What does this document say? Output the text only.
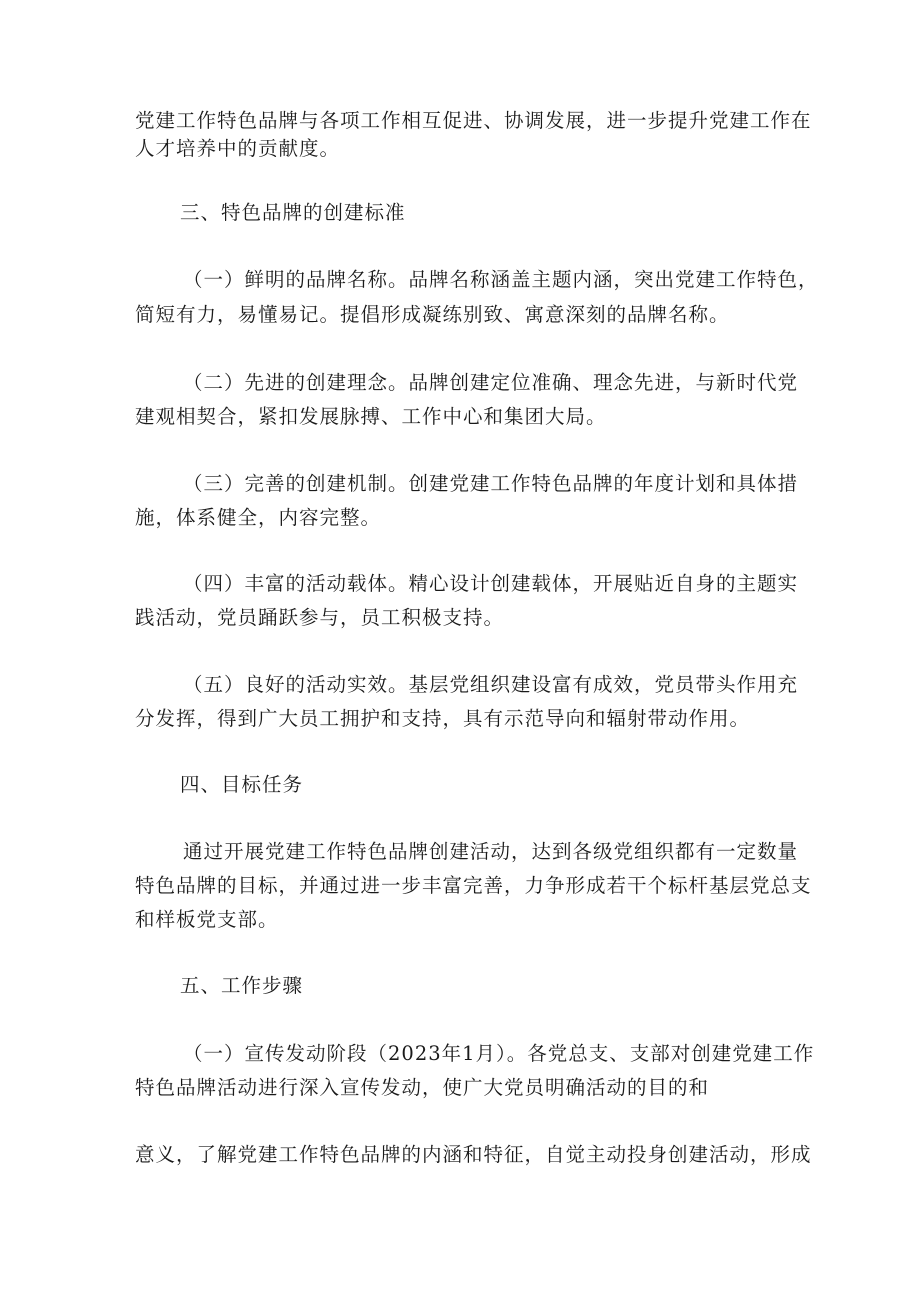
党建工作特色品牌与各项工作相互促进、协调发展，进一步提升党建工作在
人才培养中的贡献度。
三、特色品牌的创建标准
（一）鲜明的品牌名称。品牌名称涵盖主题内涵，突出党建工作特色，
简短有力，易懂易记。提倡形成凝练别致、寓意深刻的品牌名称。
（二）先进的创建理念。品牌创建定位准确、理念先进，与新时代党
建观相契合，紧扣发展脉搏、工作中心和集团大局。
（三）完善的创建机制。创建党建工作特色品牌的年度计划和具体措
施，体系健全，内容完整。
（四）丰富的活动载体。精心设计创建载体，开展贴近自身的主题实
践活动，党员踊跃参与，员工积极支持。
（五）良好的活动实效。基层党组织建设富有成效，党员带头作用充
分发挥，得到广大员工拥护和支持，具有示范导向和辐射带动作用。
四、目标任务
通过开展党建工作特色品牌创建活动，达到各级党组织都有一定数量
特色品牌的目标，并通过进一步丰富完善，力争形成若干个标杆基层党总支
和样板党支部。
五、工作步骤
（一）宣传发动阶段（2023年1月）。各党总支、支部对创建党建工作
特色品牌活动进行深入宣传发动，使广大党员明确活动的目的和
意义，了解党建工作特色品牌的内涵和特征，自觉主动投身创建活动，形成
